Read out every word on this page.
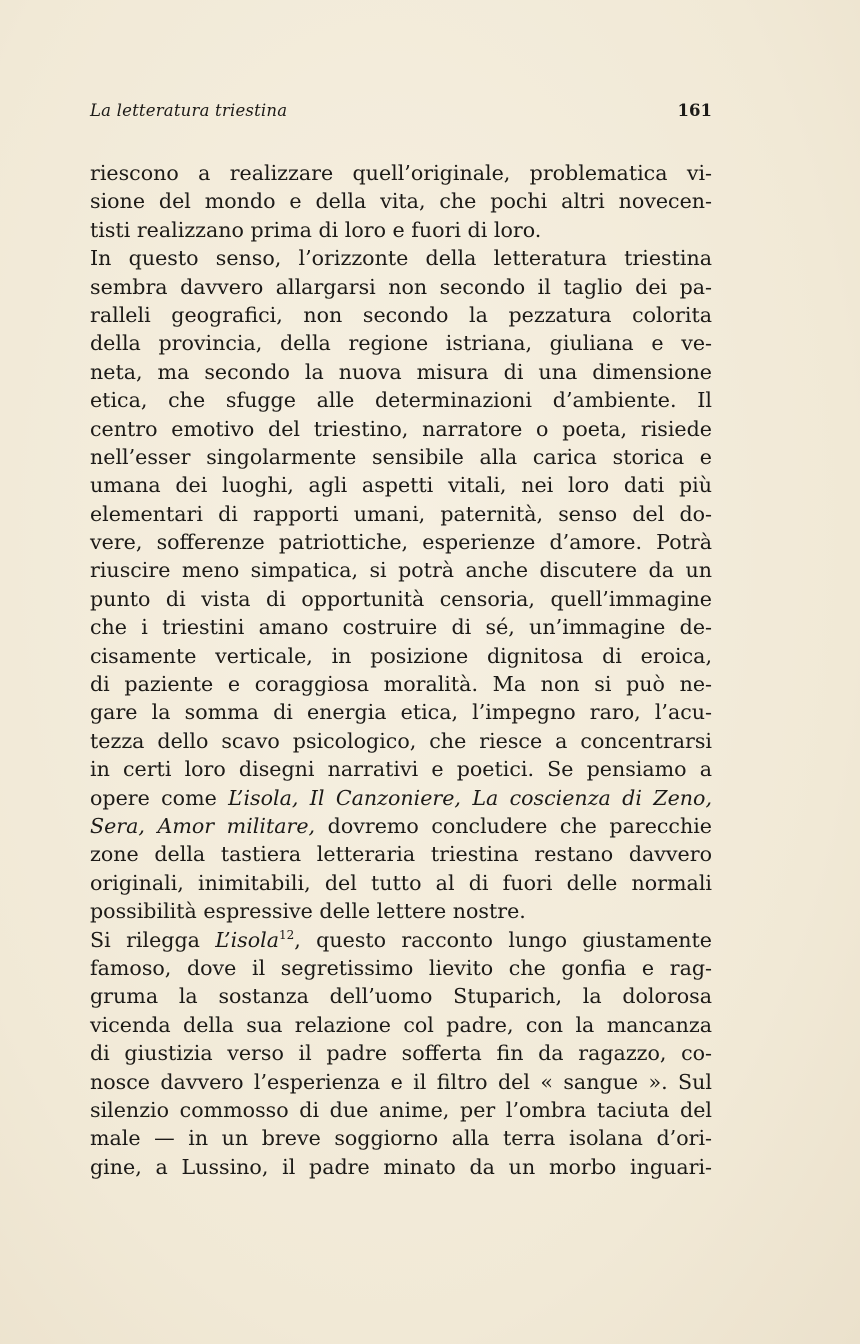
La letteratura triestina	161
riescono a realizzare quell’originale, problematica vi-
sione del mondo e della vita, che pochi altri novecen-
tisti realizzano prima di loro e fuori di loro.
In questo senso, l’orizzonte della letteratura triestina
sembra davvero allargarsi non secondo il taglio dei pa-
ralleli geografici, non secondo la pezzatura colorita
della provincia, della regione istriana, giuliana e ve-
neta, ma secondo la nuova misura di una dimensione
etica, che sfugge alle determinazioni d’ambiente. Il
centro emotivo del triestino, narratore o poeta, risiede
nell’esser singolarmente sensibile alla carica storica e
umana dei luoghi, agli aspetti vitali, nei loro dati più
elementari di rapporti umani, paternità, senso del do-
vere, sofferenze patriottiche, esperienze d’amore. Potrà
riuscire meno simpatica, si potrà anche discutere da un
punto di vista di opportunità censoria, quell’immagine
che i triestini amano costruire di sé, un’immagine de-
cisamente verticale, in posizione dignitosa di eroica,
di paziente e coraggiosa moralità. Ma non si può ne-
gare la somma di energia etica, l’impegno raro, l’acu-
tezza dello scavo psicologico, che riesce a concentrarsi
in certi loro disegni narrativi e poetici. Se pensiamo a
opere come L’isola, Il Canzoniere, La coscienza di Zeno,
Sera, Amor militare, dovremo concludere che parecchie
zone della tastiera letteraria triestina restano davvero
originali, inimitabili, del tutto al di fuori delle normali
possibilità espressive delle lettere nostre.
Si rilegga L’isola$^{12}$, questo racconto lungo giustamente
famoso, dove il segretissimo lievito che gonfia e rag-
gruma la sostanza dell’uomo Stuparich, la dolorosa
vicenda della sua relazione col padre, con la mancanza
di giustizia verso il padre sofferta fin da ragazzo, co-
nosce davvero l’esperienza e il filtro del « sangue ». Sul
silenzio commosso di due anime, per l’ombra taciuta del
male — in un breve soggiorno alla terra isolana d’ori-
gine, a Lussino, il padre minato da un morbo inguari-
